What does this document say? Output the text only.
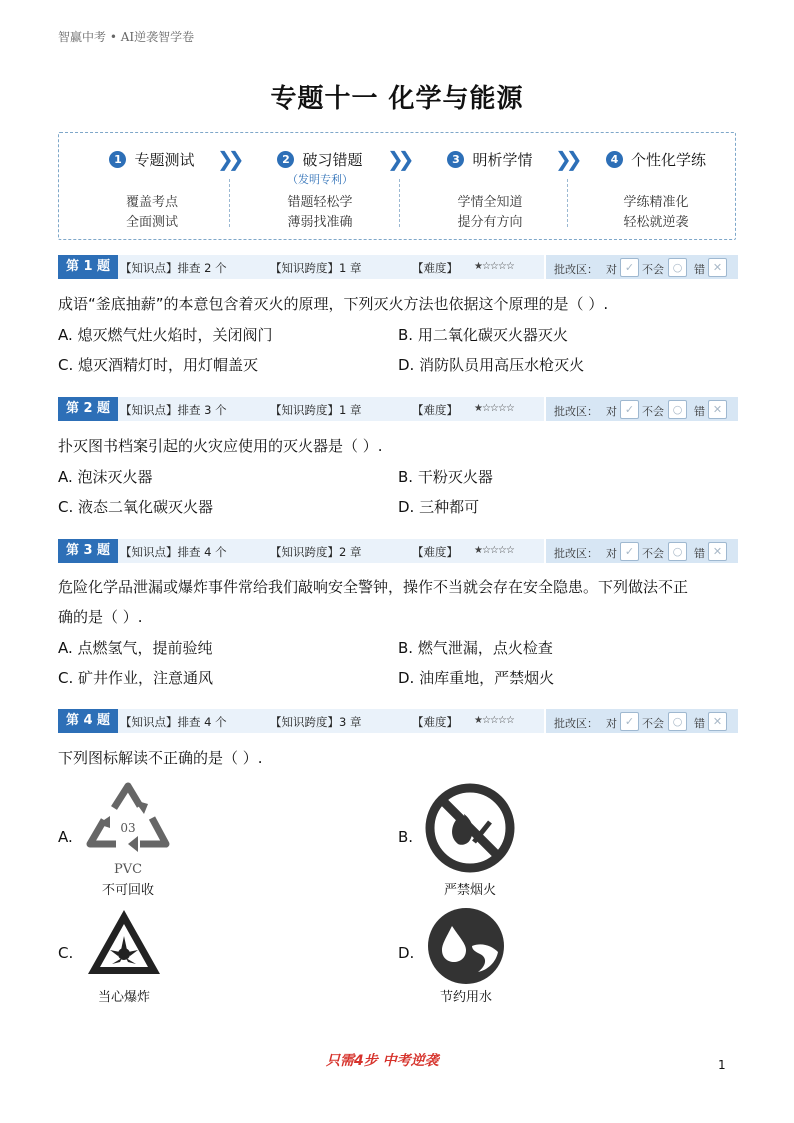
智赢中考 • AI逆袭智学卷
专题十一 化学与能源
1 专题测试
覆盖考点
全面测试
❯❯	2 破习错题
（发明专利）
错题轻松学
薄弱找准确
❯❯	3 明析学情
学情全知道
提分有方向
❯❯	4 个性化学练
学练精准化
轻松就逆袭
第 1 题 【知识点】排查 2 个	【知识跨度】1 章	【难度】 ★☆☆☆☆	批改区： 对 ✓ 不会 ○	错 ✕
成语“釜底抽薪”的本意包含着灭火的原理，下列灭火方法也依据这个原理的是（ ）.
A. 熄灭燃气灶火焰时，关闭阀门	B. 用二氧化碳灭火器灭火
C. 熄灭酒精灯时，用灯帽盖灭	D. 消防队员用高压水枪灭火
第 2 题 【知识点】排查 3 个	【知识跨度】1 章	【难度】 ★☆☆☆☆	批改区： 对 ✓ 不会 ○	错 ✕
扑灭图书档案引起的火灾应使用的灭火器是（ ）.
A. 泡沫灭火器	B. 干粉灭火器
C. 液态二氧化碳灭火器	D. 三种都可
第 3 题 【知识点】排查 4 个	【知识跨度】2 章	【难度】 ★☆☆☆☆	批改区： 对 ✓ 不会 ○	错 ✕
危险化学品泄漏或爆炸事件常给我们敲响安全警钟，操作不当就会存在安全隐患。下列做法不正
确的是（ ）.
A. 点燃氢气，提前验纯	B. 燃气泄漏，点火检查
C. 矿井作业，注意通风	D. 油库重地，严禁烟火
第 4 题 【知识点】排查 4 个	【知识跨度】3 章	【难度】 ★☆☆☆☆	批改区： 对 ✓ 不会 ○	错 ✕
下列图标解读不正确的是（ ）.
A.	03
PVC
不可回收
B.
严禁烟火
C.
当心爆炸
D.
节约用水
只需4步 中考逆袭	1
